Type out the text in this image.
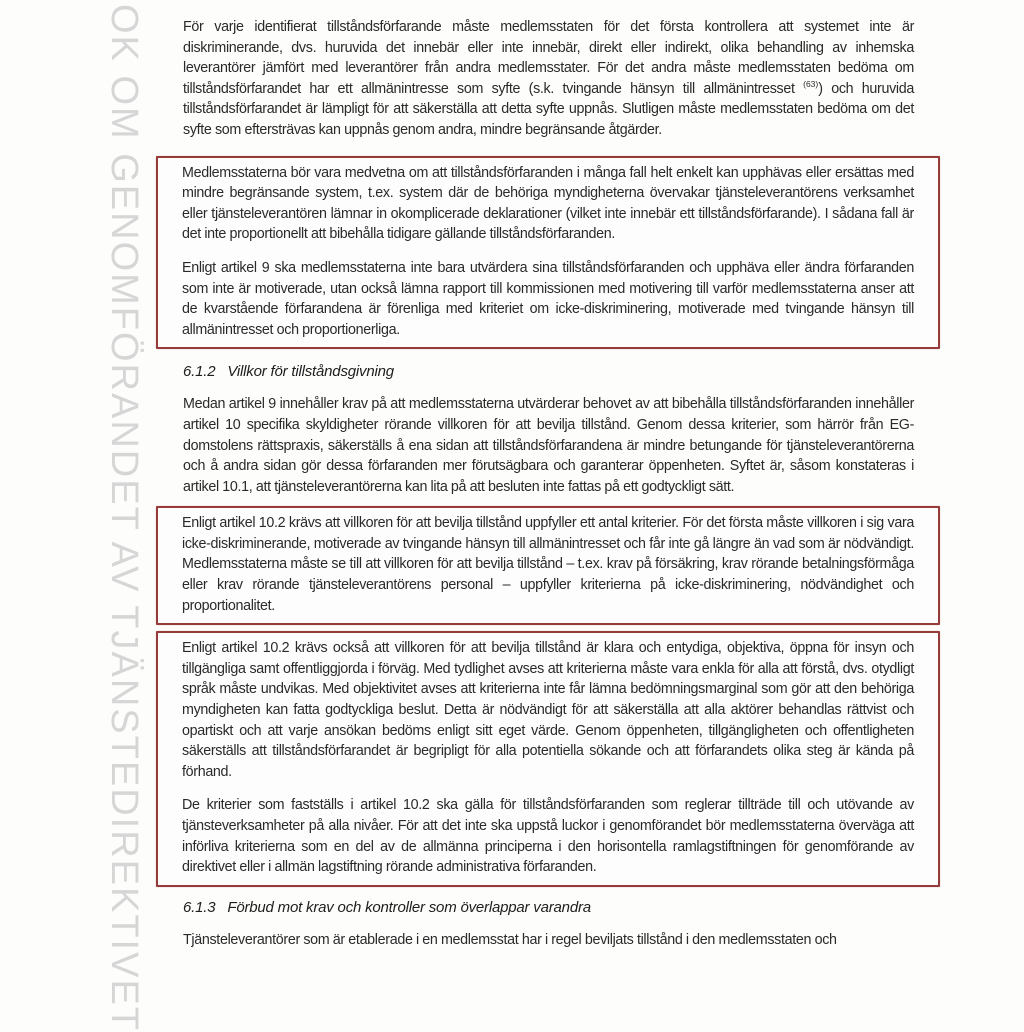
OK OM GENOMFÖRANDET AV TJÄNSTEDIREKTIVET	För varje identifierat tillståndsförfarande måste medlemsstaten för det första kontrollera att systemet inte är diskriminerande, dvs. huruvida det innebär eller inte innebär, direkt eller indirekt, olika behandling av inhemska leverantörer jämfört med leverantörer från andra medlemsstater. För det andra måste medlemsstaten bedöma om tillståndsförfarandet har ett allmänintresse som syfte (s.k. tvingande hänsyn till allmänintresset $^{(63)}$) och huruvida tillståndsförfarandet är lämpligt för att säkerställa att detta syfte uppnås. Slutligen måste medlemsstaten bedöma om det syfte som eftersträvas kan uppnås genom andra, mindre begränsande åtgärder.

Medlemsstaterna bör vara medvetna om att tillståndsförfaranden i många fall helt enkelt kan upphävas eller ersättas med mindre begränsande system, t.ex. system där de behöriga myndigheterna övervakar tjänsteleverantörens verksamhet eller tjänsteleverantören lämnar in okomplicerade deklarationer (vilket inte innebär ett tillståndsförfarande). I sådana fall är det inte proportionellt att bibehålla tidigare gällande tillståndsförfaranden.

Enligt artikel 9 ska medlemsstaterna inte bara utvärdera sina tillståndsförfaranden och upphäva eller ändra förfaranden som inte är motiverade, utan också lämna rapport till kommissionen med motivering till varför medlemsstaterna anser att de kvarstående förfarandena är förenliga med kriteriet om icke-diskriminering, motiverade med tvingande hänsyn till allmänintresset och proportionerliga.

6.1.2 Villkor för tillståndsgivning

Medan artikel 9 innehåller krav på att medlemsstaterna utvärderar behovet av att bibehålla tillståndsförfaranden innehåller artikel 10 specifika skyldigheter rörande villkoren för att bevilja tillstånd. Genom dessa kriterier, som härrör från EG-domstolens rättspraxis, säkerställs å ena sidan att tillståndsförfarandena är mindre betungande för tjänsteleverantörerna och å andra sidan gör dessa förfaranden mer förutsägbara och garanterar öppenheten. Syftet är, såsom konstateras i artikel 10.1, att tjänsteleverantörerna kan lita på att besluten inte fattas på ett godtyckligt sätt.

Enligt artikel 10.2 krävs att villkoren för att bevilja tillstånd uppfyller ett antal kriterier. För det första måste villkoren i sig vara icke-diskriminerande, motiverade av tvingande hänsyn till allmänintresset och får inte gå längre än vad som är nödvändigt. Medlemsstaterna måste se till att villkoren för att bevilja tillstånd – t.ex. krav på försäkring, krav rörande betalningsförmåga eller krav rörande tjänsteleverantörens personal – uppfyller kriterierna på icke-diskriminering, nödvändighet och proportionalitet.

Enligt artikel 10.2 krävs också att villkoren för att bevilja tillstånd är klara och entydiga, objektiva, öppna för insyn och tillgängliga samt offentliggjorda i förväg. Med tydlighet avses att kriterierna måste vara enkla för alla att förstå, dvs. otydligt språk måste undvikas. Med objektivitet avses att kriterierna inte får lämna bedömningsmarginal som gör att den behöriga myndigheten kan fatta godtyckliga beslut. Detta är nödvändigt för att säkerställa att alla aktörer behandlas rättvist och opartiskt och att varje ansökan bedöms enligt sitt eget värde. Genom öppenheten, tillgängligheten och offentligheten säkerställs att tillståndsförfarandet är begripligt för alla potentiella sökande och att förfarandets olika steg är kända på förhand.

De kriterier som fastställs i artikel 10.2 ska gälla för tillståndsförfaranden som reglerar tillträde till och utövande av tjänsteverksamheter på alla nivåer. För att det inte ska uppstå luckor i genomförandet bör medlemsstaterna överväga att införliva kriterierna som en del av de allmänna principerna i den horisontella ramlagstiftningen för genomförande av direktivet eller i allmän lagstiftning rörande administrativa förfaranden.

6.1.3 Förbud mot krav och kontroller som överlappar varandra

Tjänsteleverantörer som är etablerade i en medlemsstat har i regel beviljats tillstånd i den medlemsstaten och
